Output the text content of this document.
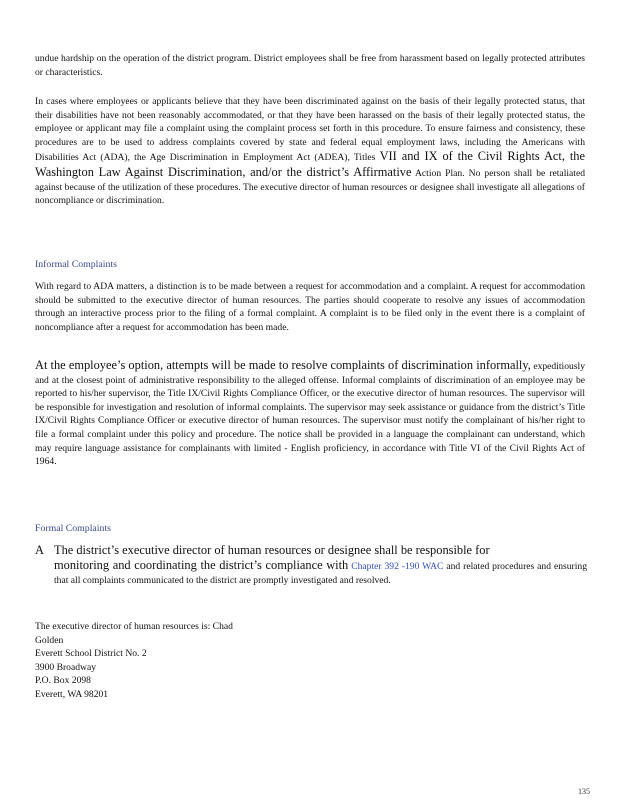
undue hardship on the operation of the district program. District employees shall be free from harassment based on legally protected attributes or characteristics.

In cases where employees or applicants believe that they have been discriminated against on the basis of their legally protected status, that their disabilities have not been reasonably accommodated, or that they have been harassed on the basis of their legally protected status, the employee or applicant may file a complaint using the complaint process set forth in this procedure. To ensure fairness and consistency, these procedures are to be used to address complaints covered by state and federal equal employment laws, including the Americans with Disabilities Act (ADA), the Age Discrimination in Employment Act (ADEA), Titles VII and IX of the Civil Rights Act, the Washington Law Against Discrimination, and/or the district’s Affirmative Action Plan. No person shall be retaliated against because of the utilization of these procedures. The executive director of human resources or designee shall investigate all allegations of noncompliance or discrimination.

Informal Complaints

With regard to ADA matters, a distinction is to be made between a request for accommodation and a complaint. A request for accommodation should be submitted to the executive director of human resources. The parties should cooperate to resolve any issues of accommodation through an interactive process prior to the filing of a formal complaint. A complaint is to be filed only in the event there is a complaint of noncompliance after a request for accommodation has been made.

At the employee’s option, attempts will be made to resolve complaints of discrimination informally, expeditiously and at the closest point of administrative responsibility to the alleged offense. Informal complaints of discrimination of an employee may be reported to his/her supervisor, the Title IX/Civil Rights Compliance Officer, or the executive director of human resources. The supervisor will be responsible for investigation and resolution of informal complaints. The supervisor may seek assistance or guidance from the district’s Title IX/Civil Rights Compliance Officer or executive director of human resources. The supervisor must notify the complainant of his/her right to file a formal complaint under this policy and procedure. The notice shall be provided in a language the complainant can understand, which may require language assistance for complainants with limited - English proficiency, in accordance with Title VI of the Civil Rights Act of 1964.

Formal Complaints

A The district’s executive director of human resources or designee shall be responsible for
monitoring and coordinating the district’s compliance with Chapter 392 -190 WAC and related procedures and ensuring that all complaints communicated to the district are promptly investigated and resolved.
The executive director of human resources is: Chad
Golden
Everett School District No. 2
3900 Broadway
P.O. Box 2098
Everett, WA 98201
135
